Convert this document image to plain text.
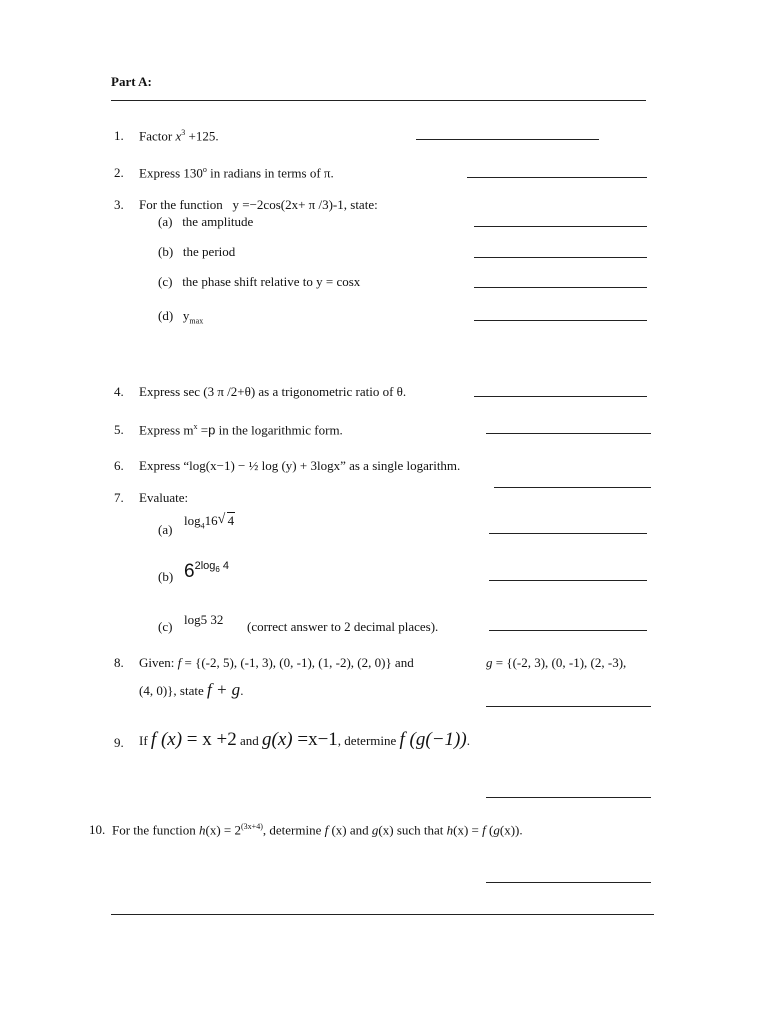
Part A:
1. Factor $x^3 +125$.
2. Express 130$^o$ in radians in terms of π.
3. For the function y =−2cos(2x+ π /3)-1, state:
(a) the amplitude
(b) the period
(c) the phase shift relative to y = cosx
(d) $y_{max}$
4. Express sec (3 π /2+θ) as a trigonometric ratio of θ.
5. Express $m^x =p$ in the logarithmic form.
6. Express “log(x−1) − ½ log (y) + 3logx” as a single logarithm.
7. Evaluate:
(a)
$\log_416√$ 4
(b) $6^{2log_6 4}$
(c) log5 32 (correct answer to 2 decimal places).
8. Given: f = {(-2, 5), (-1, 3), (0, -1), (1, -2), (2, 0)} and	g = {(-2, 3), (0, -1), (2, -3),
(4, 0)}, state f + g.
9. If f (x) = x +2 and g(x) =x−1, determine f (g(−1)).
10. For the function $h(x) = 2^{(3x+4)}$, determine f (x) and g(x) such that h(x) = f (g(x)).
